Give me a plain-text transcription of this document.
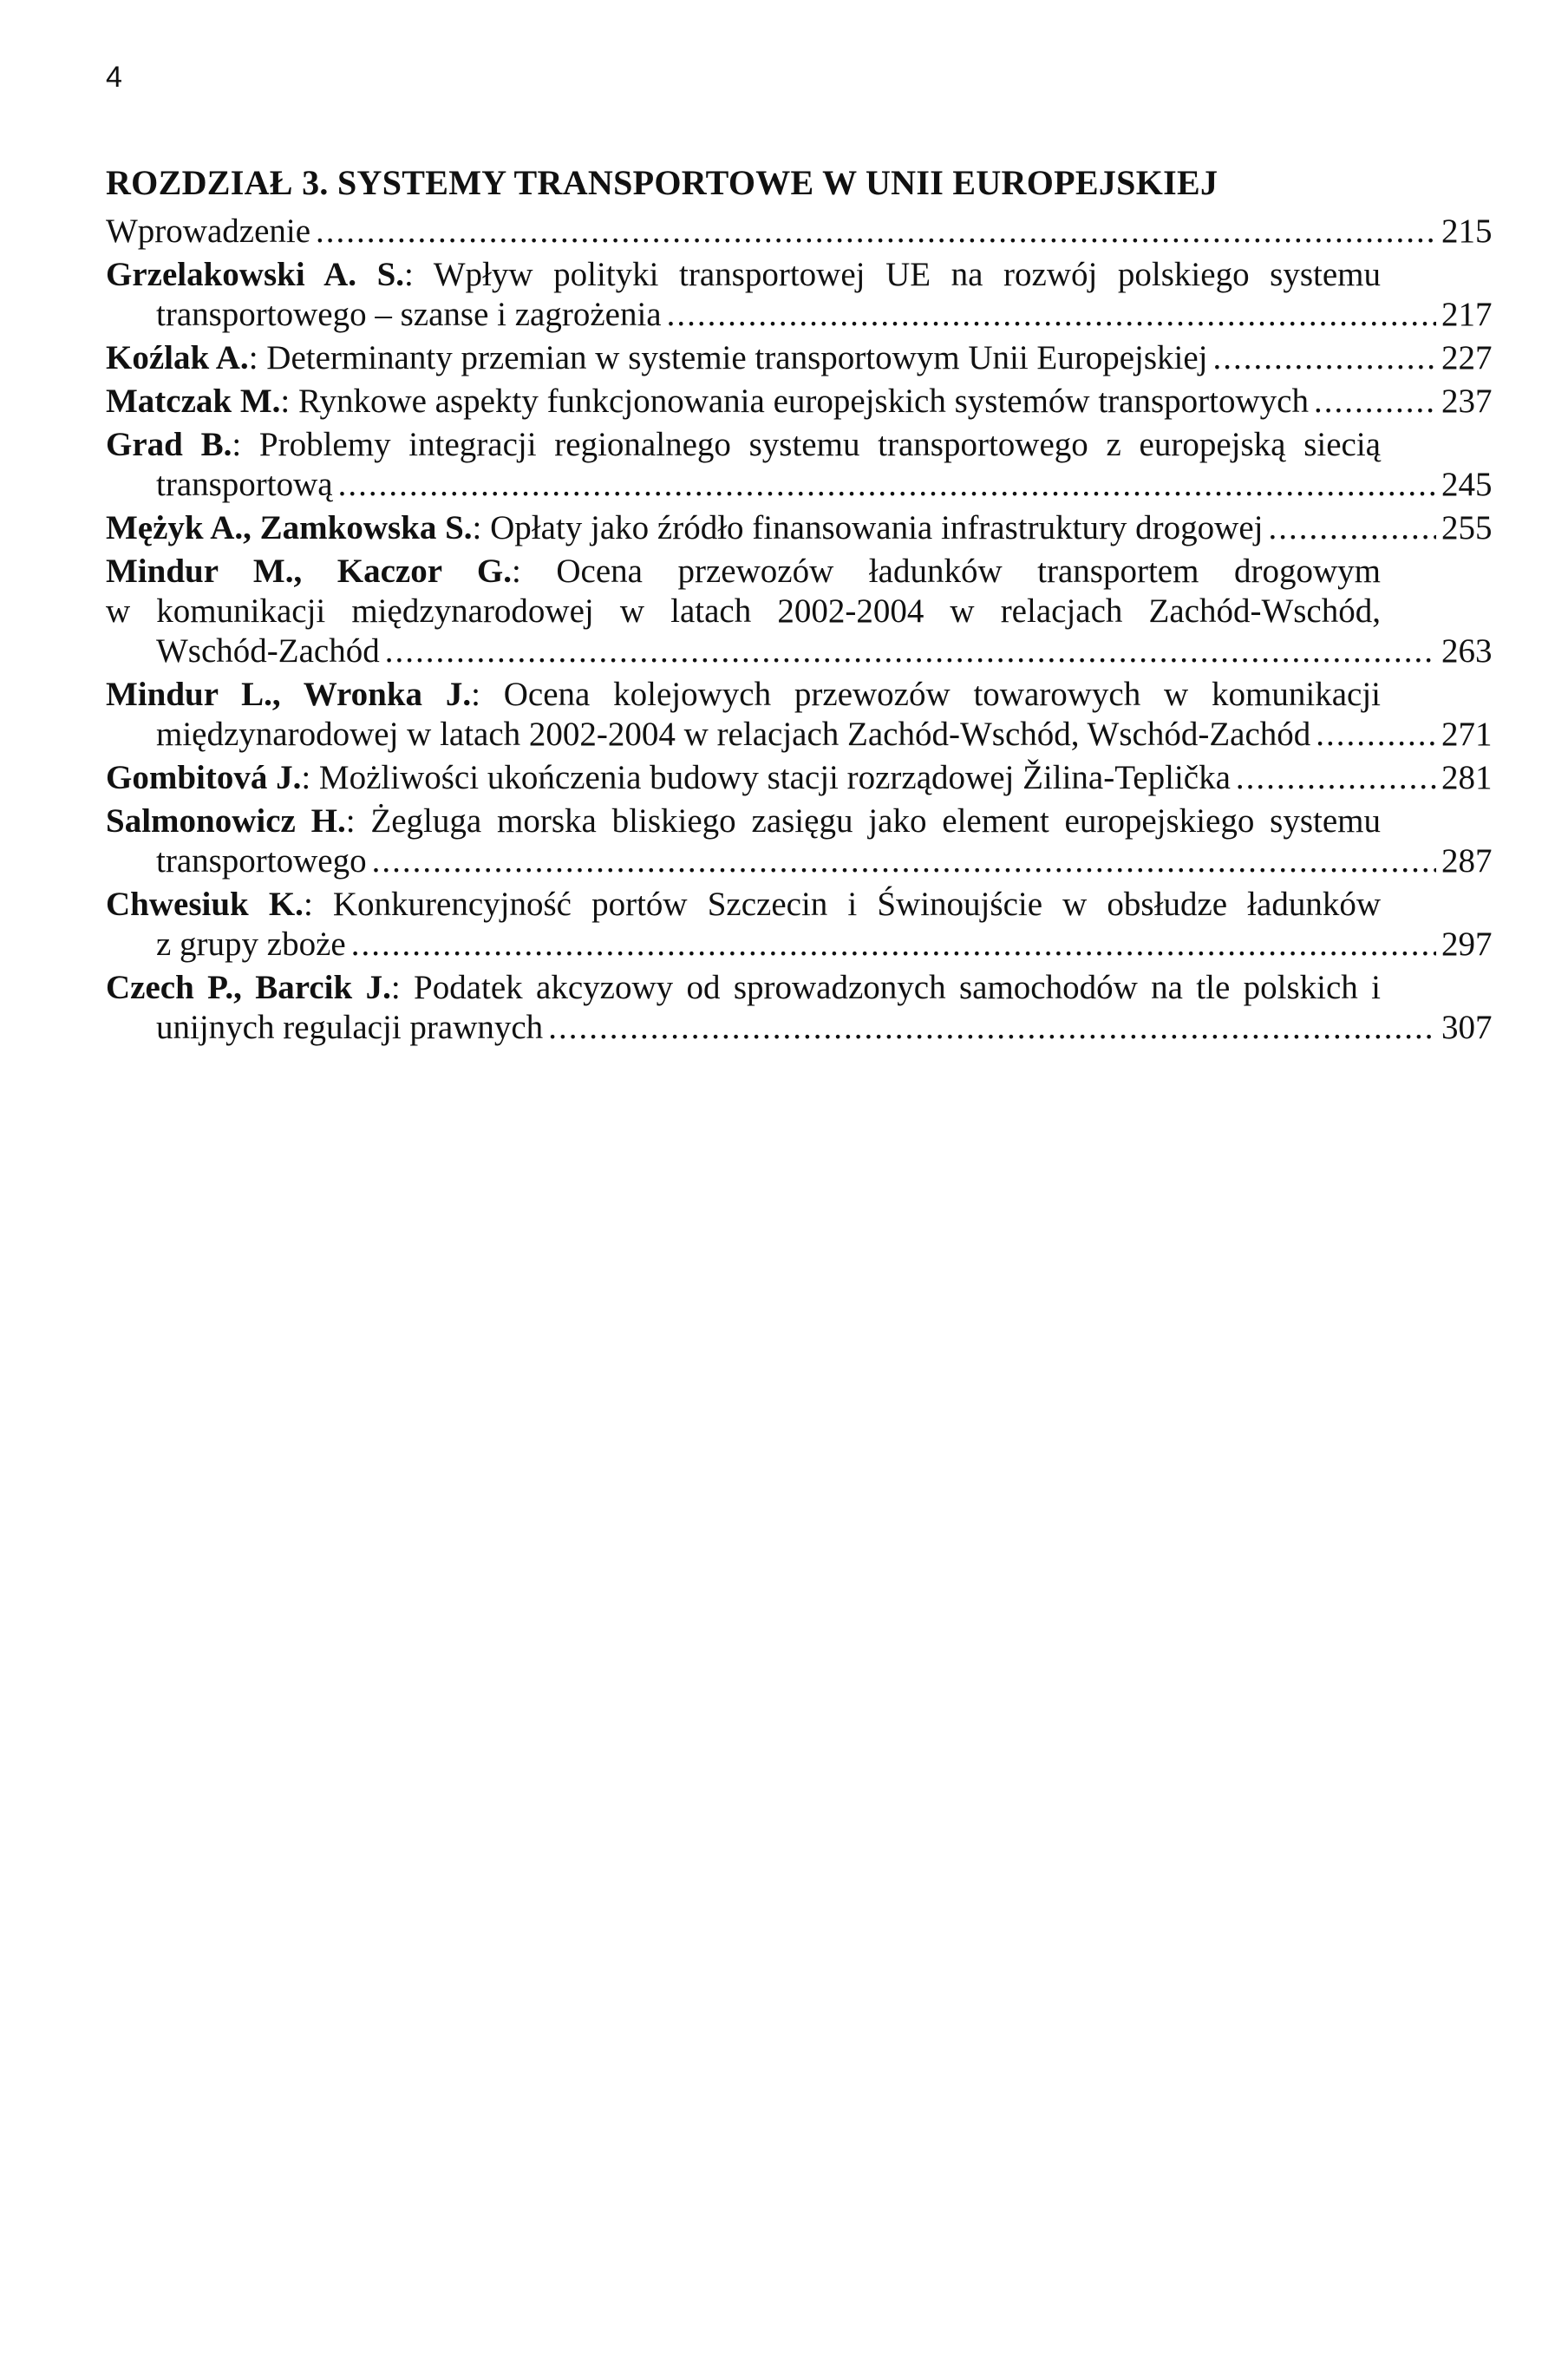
4
ROZDZIAŁ 3. SYSTEMY TRANSPORTOWE W UNII EUROPEJSKIEJ
Wprowadzenie .....	215
Grzelakowski A. S.: Wpływ polityki transportowej UE na rozwój polskiego systemu
transportowego – szanse i zagrożenia .....	217
Koźlak A.: Determinanty przemian w systemie transportowym Unii Europejskiej .....	227
Matczak M.: Rynkowe aspekty funkcjonowania europejskich systemów transportowych .....	237
Grad B.: Problemy integracji regionalnego systemu transportowego z europejską siecią
transportową .....	245
Mężyk A., Zamkowska S.: Opłaty jako źródło finansowania infrastruktury drogowej .....	255
Mindur M., Kaczor G.: Ocena przewozów ładunków transportem drogowym
w komunikacji międzynarodowej w latach 2002-2004 w relacjach Zachód-Wschód,
Wschód-Zachód .....	263
Mindur L., Wronka J.: Ocena kolejowych przewozów towarowych w komunikacji
międzynarodowej w latach 2002-2004 w relacjach Zachód-Wschód, Wschód-Zachód .....	271
Gombitová J.: Możliwości ukończenia budowy stacji rozrządowej Žilina-Teplička .....	281
Salmonowicz H.: Żegluga morska bliskiego zasięgu jako element europejskiego systemu
transportowego .....	287
Chwesiuk K.: Konkurencyjność portów Szczecin i Świnoujście w obsłudze ładunków
z grupy zboże .....	297
Czech P., Barcik J.: Podatek akcyzowy od sprowadzonych samochodów na tle polskich i
unijnych regulacji prawnych .....	307
